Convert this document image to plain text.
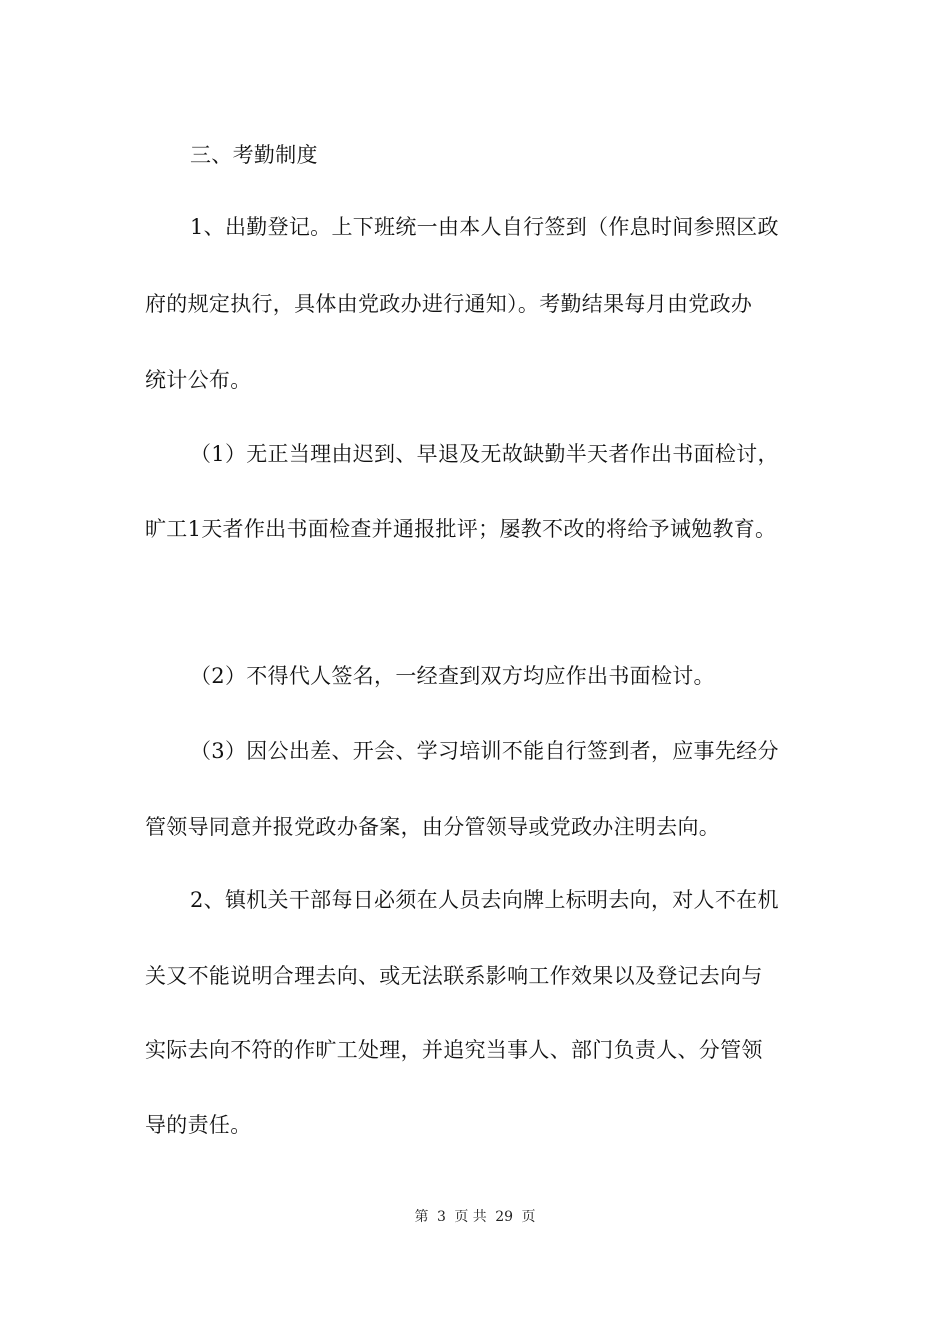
三、考勤制度
1、出勤登记。上下班统一由本人自行签到（作息时间参照区政
府的规定执行，具体由党政办进行通知）。考勤结果每月由党政办
统计公布。
（1）无正当理由迟到、早退及无故缺勤半天者作出书面检讨，
旷工1天者作出书面检查并通报批评；屡教不改的将给予诫勉教育。
（2）不得代人签名，一经查到双方均应作出书面检讨。
（3）因公出差、开会、学习培训不能自行签到者，应事先经分
管领导同意并报党政办备案，由分管领导或党政办注明去向。
2、镇机关干部每日必须在人员去向牌上标明去向，对人不在机
关又不能说明合理去向、或无法联系影响工作效果以及登记去向与
实际去向不符的作旷工处理，并追究当事人、部门负责人、分管领
导的责任。
第 3 页 共 29 页
